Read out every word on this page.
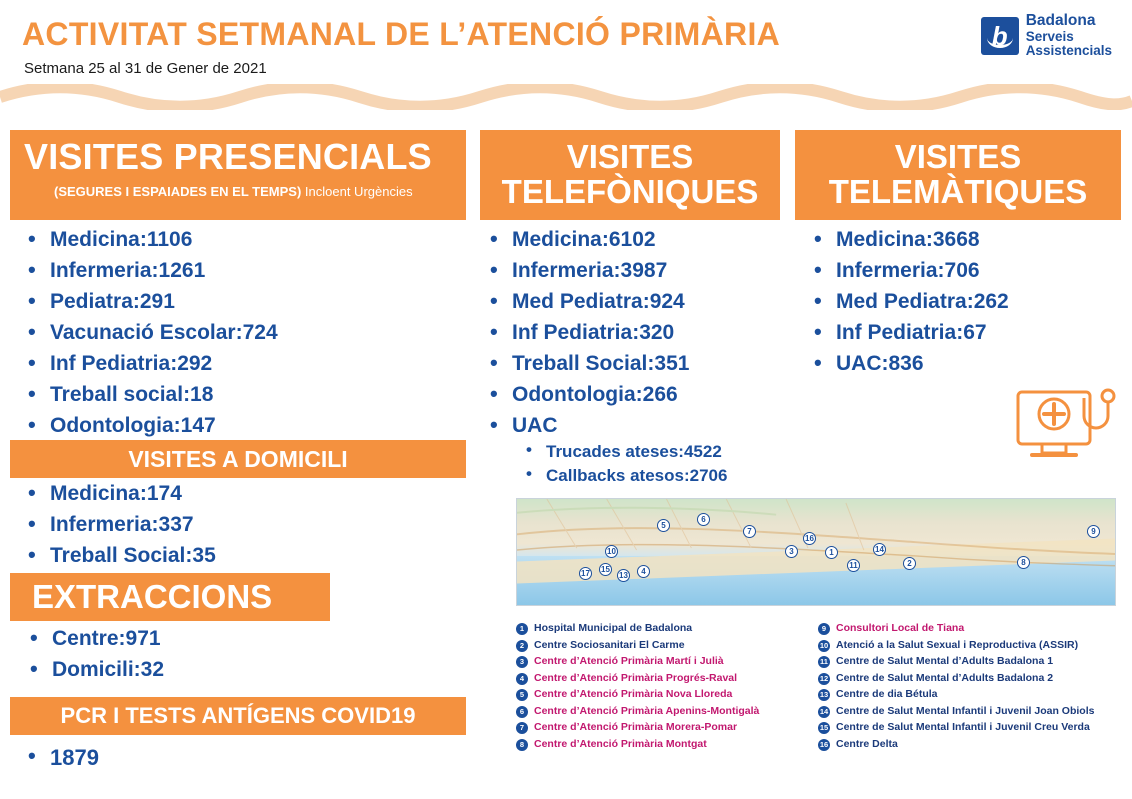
ACTIVITAT SETMANAL DE L’ATENCIÓ PRIMÀRIA
Setmana 25 al 31 de Gener de 2021
b
Badalona
Serveis
Assistencials
VISITES PRESENCIALS
(SEGURES I ESPAIADES EN EL TEMPS) Incloent Urgències
• Medicina:1106
• Infermeria:1261
• Pediatra:291
• Vacunació Escolar:724
• Inf Pediatria:292
• Treball social:18
• Odontologia:147
VISITES A DOMICILI
• Medicina:174
• Infermeria:337
• Treball Social:35
EXTRACCIONS
• Centre:971
• Domicili:32
PCR I TESTS ANTÍGENS COVID19
• 1879
VISITES
TELEFÒNIQUES
• Medicina:6102
• Infermeria:3987
• Med Pediatra:924
• Inf Pediatria:320
• Treball Social:351
• Odontologia:266
• UAC
• Trucades ateses:4522
• Callbacks atesos:2706
VISITES
TELEMÀTIQUES
• Medicina:3668
• Infermeria:706
• Med Pediatra:262
• Inf Pediatria:67
• UAC:836
5
6
7
10	3
16
1	14
11	2	8
9
17 15
13	4
1 Hospital Municipal de Badalona
2 Centre Sociosanitari El Carme
3 Centre d’Atenció Primària Martí i Julià
4 Centre d’Atenció Primària Progrés-Raval
5 Centre d’Atenció Primària Nova Lloreda
6 Centre d’Atenció Primària Apenins-Montigalà
7 Centre d’Atenció Primària Morera-Pomar
8 Centre d’Atenció Primària Montgat
9 Consultori Local de Tiana
10 Atenció a la Salut Sexual i Reproductiva (ASSIR)
11 Centre de Salut Mental d’Adults Badalona 1
12 Centre de Salut Mental d’Adults Badalona 2
13 Centre de dia Bétula
14 Centre de Salut Mental Infantil i Juvenil Joan Obiols
15 Centre de Salut Mental Infantil i Juvenil Creu Verda
16 Centre Delta
